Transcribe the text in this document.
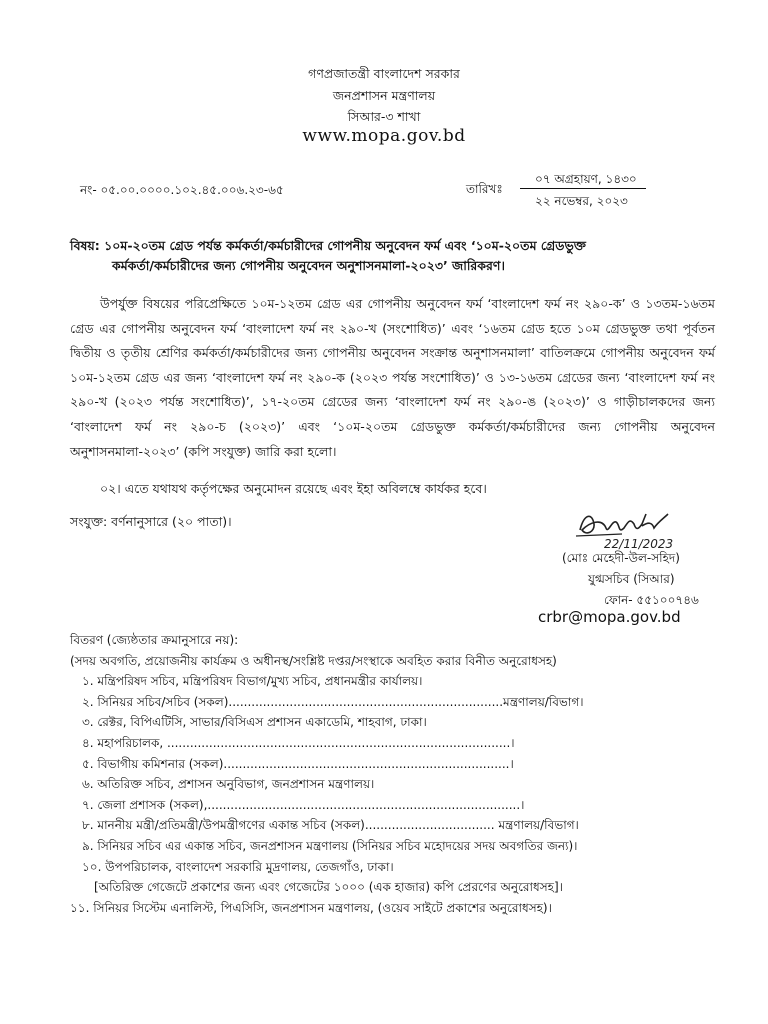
গণপ্রজাতন্ত্রী বাংলাদেশ সরকার
জনপ্রশাসন মন্ত্রণালয়
সিআর-৩ শাখা
www.mopa.gov.bd
নং- ০৫.০০.০০০০.১০২.৪৫.০০৬.২৩-৬৫	তারিখঃ
০৭ অগ্রহায়ণ, ১৪৩০
২২ নভেম্বর, ২০২৩
বিষয়: ১০ম-২০তম গ্রেড পর্যন্ত কর্মকর্তা/কর্মচারীদের গোপনীয় অনুবেদন ফর্ম এবং ‘১০ম-২০তম গ্রেডভুক্ত
কর্মকর্তা/কর্মচারীদের জন্য গোপনীয় অনুবেদন অনুশাসনমালা-২০২৩’ জারিকরণ।
উপর্যুক্ত বিষয়ের পরিপ্রেক্ষিতে ১০ম-১২তম গ্রেড এর গোপনীয় অনুবেদন ফর্ম ‘বাংলাদেশ ফর্ম নং ২৯০-ক’ ও ১৩তম-১৬তম গ্রেড এর গোপনীয় অনুবেদন ফর্ম ‘বাংলাদেশ ফর্ম নং ২৯০-খ (সংশোধিত)’ এবং ‘১৬তম গ্রেড হতে ১০ম গ্রেডভুক্ত তথা পূর্বতন দ্বিতীয় ও তৃতীয় শ্রেণির কর্মকর্তা/কর্মচারীদের জন্য গোপনীয় অনুবেদন সংক্রান্ত অনুশাসনমালা’ বাতিলক্রমে গোপনীয় অনুবেদন ফর্ম ১০ম-১২তম গ্রেড এর জন্য ‘বাংলাদেশ ফর্ম নং ২৯০-ক (২০২৩ পর্যন্ত সংশোধিত)’ ও ১৩-১৬তম গ্রেডের জন্য ‘বাংলাদেশ ফর্ম নং ২৯০-খ (২০২৩ পর্যন্ত সংশোধিত)’, ১৭-২০তম গ্রেডের জন্য ‘বাংলাদেশ ফর্ম নং ২৯০-ঙ (২০২৩)’ ও গাড়ীচালকদের জন্য ‘বাংলাদেশ ফর্ম নং ২৯০-চ (২০২৩)’ এবং ‘১০ম-২০তম গ্রেডভুক্ত কর্মকর্তা/কর্মচারীদের জন্য গোপনীয় অনুবেদন অনুশাসনমালা-২০২৩’ (কপি সংযুক্ত) জারি করা হলো।
০২। এতে যথাযথ কর্তৃপক্ষের অনুমোদন রয়েছে এবং ইহা অবিলম্বে কার্যকর হবে।
সংযুক্ত: বর্ণনানুসারে (২০ পাতা)।
22/11/2023
(মোঃ মেহেদী-উল-সহিদ)
যুগ্মসচিব (সিআর)
ফোন- ৫৫১০০৭৪৬
crbr@mopa.gov.bd
বিতরণ (জ্যেষ্ঠতার ক্রমানুসারে নয়):
(সদয় অবগতি, প্রয়োজনীয় কার্যক্রম ও অধীনস্থ/সংশ্লিষ্ট দপ্তর/সংস্থাকে অবহিত করার বিনীত অনুরোধসহ)
১. মন্ত্রিপরিষদ সচিব, মন্ত্রিপরিষদ বিভাগ/মুখ্য সচিব, প্রধানমন্ত্রীর কার্যালয়।
২. সিনিয়র সচিব/সচিব (সকল)........................................................................মন্ত্রণালয়/বিভাগ।
৩. রেক্টর, বিপিএটিসি, সাভার/বিসিএস প্রশাসন একাডেমি, শাহবাগ, ঢাকা।
৪. মহাপরিচালক, ..........................................................................................।
৫. বিভাগীয় কমিশনার (সকল)...........................................................................।
৬. অতিরিক্ত সচিব, প্রশাসন অনুবিভাগ, জনপ্রশাসন মন্ত্রণালয়।
৭. জেলা প্রশাসক (সকল),..................................................................................।
৮. মাননীয় মন্ত্রী/প্রতিমন্ত্রী/উপমন্ত্রীগণের একান্ত সচিব (সকল).................................. মন্ত্রণালয়/বিভাগ।
৯. সিনিয়র সচিব এর একান্ত সচিব, জনপ্রশাসন মন্ত্রণালয় (সিনিয়র সচিব মহোদয়ের সদয় অবগতির জন্য)।
১০. উপপরিচালক, বাংলাদেশ সরকারি মুদ্রণালয়, তেজগাঁও, ঢাকা।
[অতিরিক্ত গেজেটে প্রকাশের জন্য এবং গেজেটের ১০০০ (এক হাজার) কপি প্রেরণের অনুরোধসহ]।
১১. সিনিয়র সিস্টেম এনালিস্ট, পিএসিসি, জনপ্রশাসন মন্ত্রণালয়, (ওয়েব সাইটে প্রকাশের অনুরোধসহ)।
